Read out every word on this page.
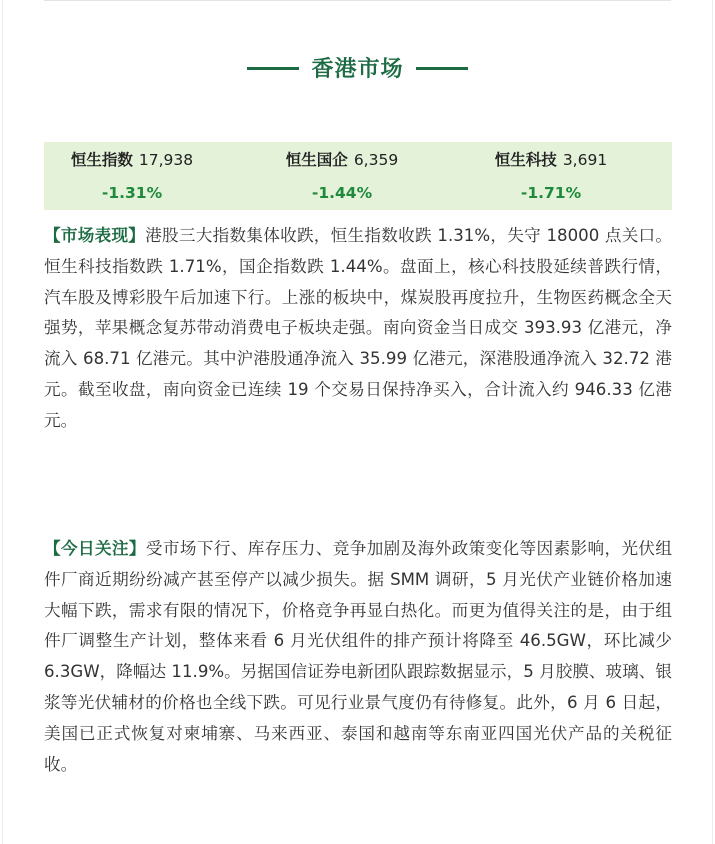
香港市场
恒生指数 17,938
-1.31%
恒生国企 6,359
-1.44%
恒生科技 3,691
-1.71%

【市场表现】港股三大指数集体收跌，恒生指数收跌 1.31%，失守 18000 点关口。恒生科技指数跌 1.71%，国企指数跌 1.44%。盘面上，核心科技股延续普跌行情，汽车股及博彩股午后加速下行。上涨的板块中，煤炭股再度拉升，生物医药概念全天强势，苹果概念复苏带动消费电子板块走强。南向资金当日成交 393.93 亿港元，净流入 68.71 亿港元。其中沪港股通净流入 35.99 亿港元，深港股通净流入 32.72 港元。截至收盘，南向资金已连续 19 个交易日保持净买入，合计流入约 946.33 亿港元。

【今日关注】受市场下行、库存压力、竞争加剧及海外政策变化等因素影响，光伏组件厂商近期纷纷减产甚至停产以减少损失。据 SMM 调研，5 月光伏产业链价格加速大幅下跌，需求有限的情况下，价格竞争再显白热化。而更为值得关注的是，由于组件厂调整生产计划，整体来看 6 月光伏组件的排产预计将降至 46.5GW，环比减少 6.3GW，降幅达 11.9%。另据国信证券电新团队跟踪数据显示，5 月胶膜、玻璃、银浆等光伏辅材的价格也全线下跌。可见行业景气度仍有待修复。此外，6 月 6 日起，美国已正式恢复对柬埔寨、马来西亚、泰国和越南等东南亚四国光伏产品的关税征收。
